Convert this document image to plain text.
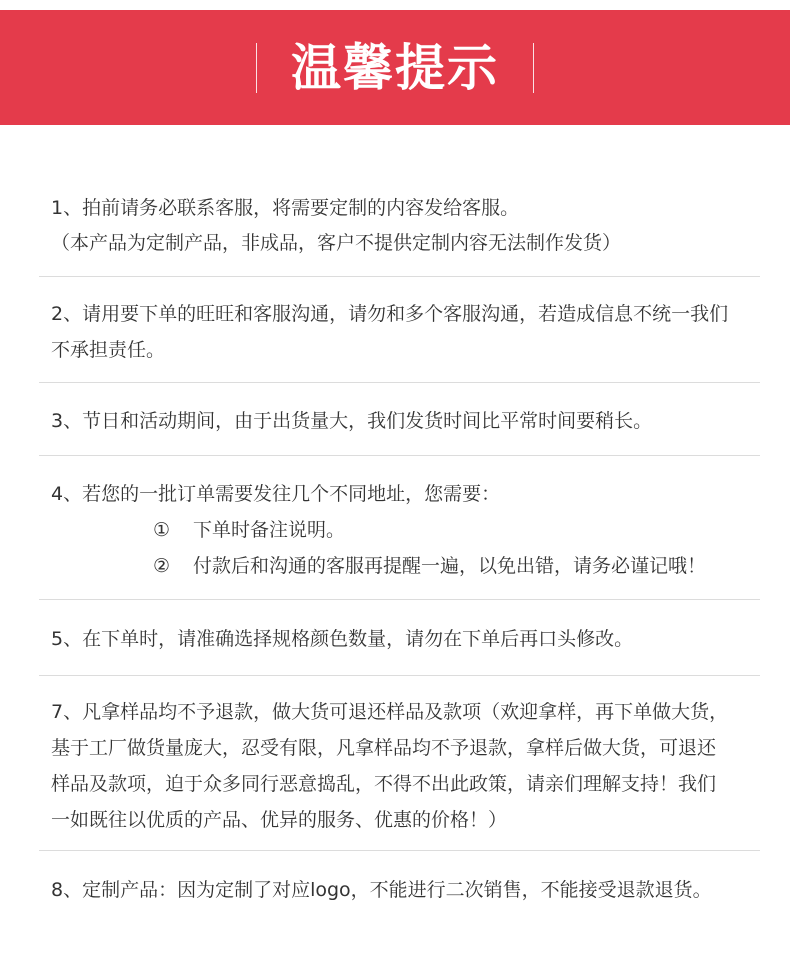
温馨提示
1、拍前请务必联系客服，将需要定制的内容发给客服。
（本产品为定制产品，非成品，客户不提供定制内容无法制作发货）
2、请用要下单的旺旺和客服沟通，请勿和多个客服沟通，若造成信息不统一我们
不承担责任。
3、节日和活动期间，由于出货量大，我们发货时间比平常时间要稍长。
4、若您的一批订单需要发往几个不同地址，您需要：
① 下单时备注说明。
② 付款后和沟通的客服再提醒一遍，以免出错，请务必谨记哦！
5、在下单时，请准确选择规格颜色数量，请勿在下单后再口头修改。
7、凡拿样品均不予退款，做大货可退还样品及款项（欢迎拿样，再下单做大货，
基于工厂做货量庞大，忍受有限，凡拿样品均不予退款，拿样后做大货，可退还
样品及款项，迫于众多同行恶意捣乱，不得不出此政策，请亲们理解支持！我们
一如既往以优质的产品、优异的服务、优惠的价格！）
8、定制产品：因为定制了对应logo，不能进行二次销售，不能接受退款退货。
